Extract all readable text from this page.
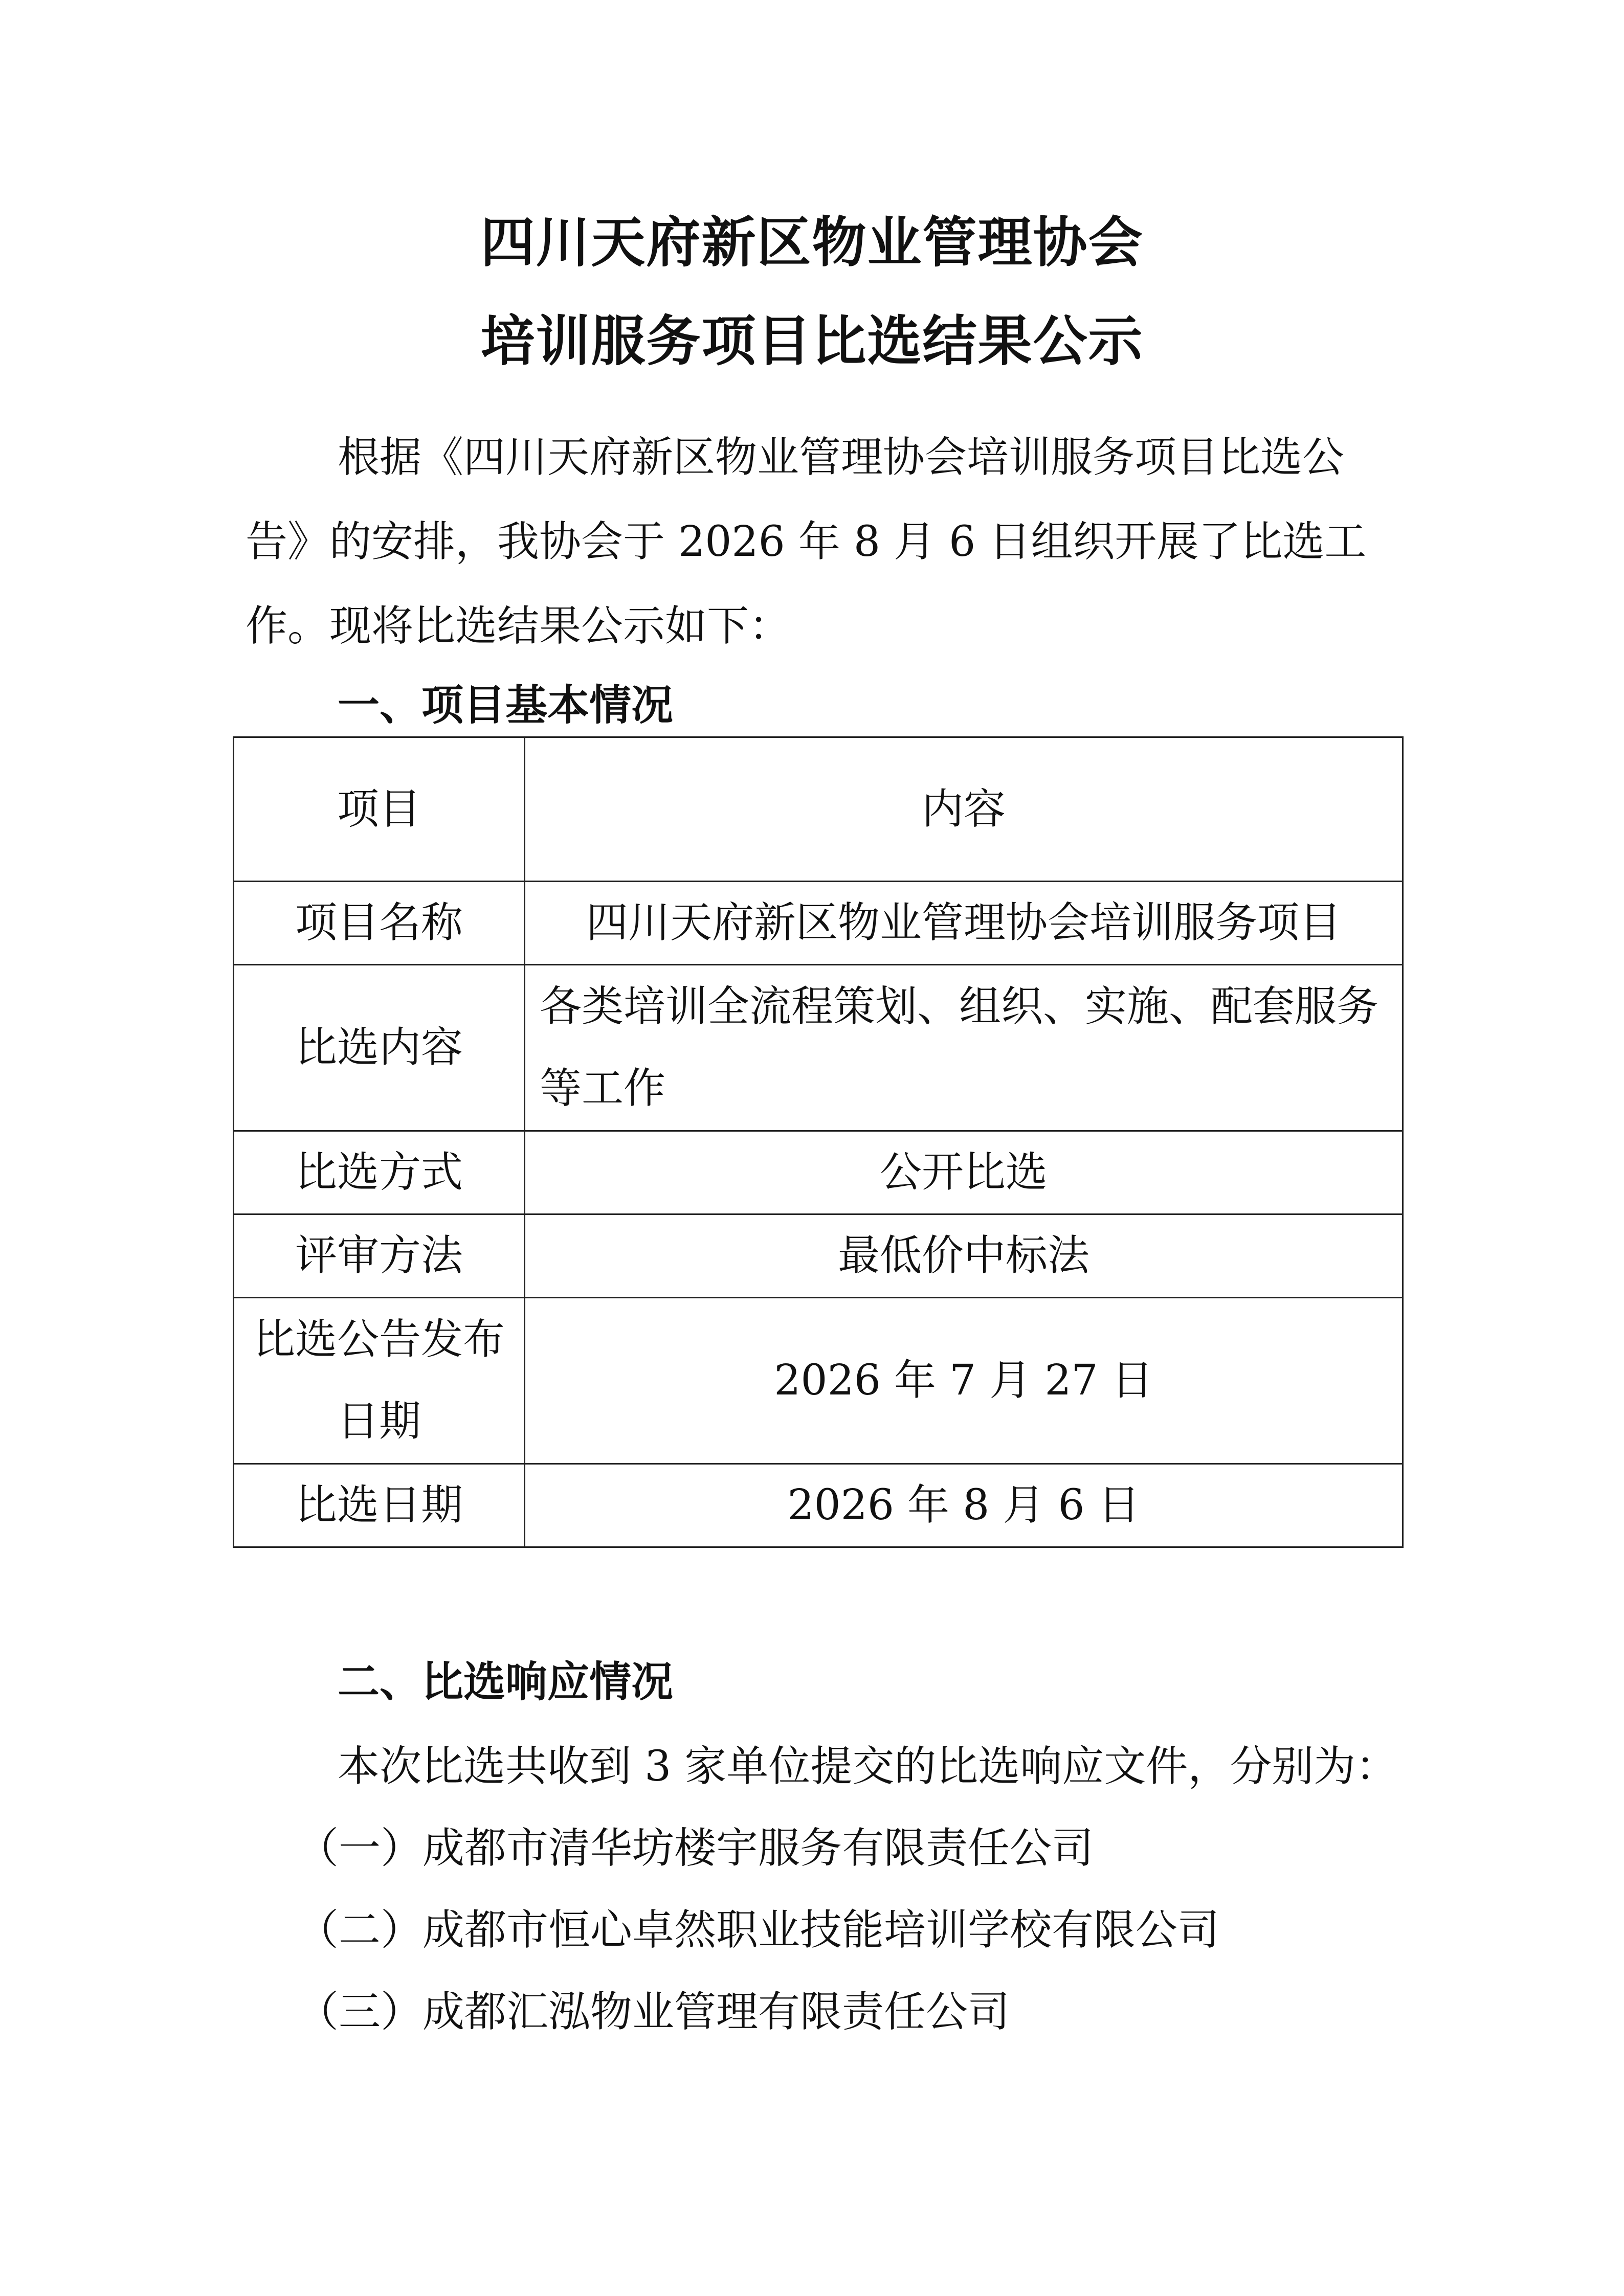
四川天府新区物业管理协会
培训服务项目比选结果公示

根据《四川天府新区物业管理协会培训服务项目比选公

告》的安排，我协会于 2026 年 8 月 6 日组织开展了比选工

作。现将比选结果公示如下：

一、项目基本情况

项目	内容
项目名称	四川天府新区物业管理协会培训服务项目
比选内容	各类培训全流程策划、组织、实施、配套服务等工作
比选方式	公开比选
评审方法	最低价中标法
比选公告发布日期	2026 年 7 月 27 日
比选日期	2026 年 8 月 6 日

二、比选响应情况

本次比选共收到 3 家单位提交的比选响应文件，分别为：

（一）成都市清华坊楼宇服务有限责任公司

（二）成都市恒心卓然职业技能培训学校有限公司

（三）成都汇泓物业管理有限责任公司
